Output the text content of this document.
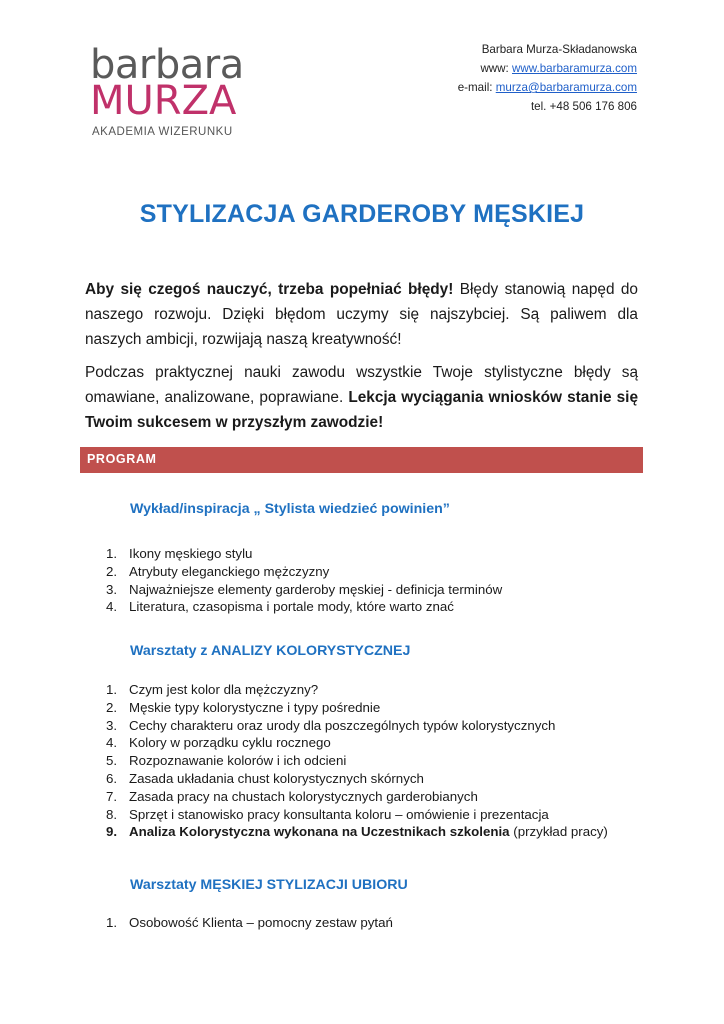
barbara
MURZA
AKADEMIA WIZERUNKU
Barbara Murza-Składanowska
www: www.barbaramurza.com
e-mail: murza@barbaramurza.com
tel. +48 506 176 806
STYLIZACJA GARDEROBY MĘSKIEJ
Aby się czegoś nauczyć, trzeba popełniać błędy! Błędy stanowią napęd do naszego rozwoju. Dzięki błędom uczymy się najszybciej. Są paliwem dla naszych ambicji, rozwijają naszą kreatywność!
Podczas praktycznej nauki zawodu wszystkie Twoje stylistyczne błędy są omawiane, analizowane, poprawiane. Lekcja wyciągania wniosków stanie się Twoim sukcesem w przyszłym zawodzie!
PROGRAM
Wykład/inspiracja „ Stylista wiedzieć powinien”
1. Ikony męskiego stylu
2. Atrybuty eleganckiego mężczyzny
3. Najważniejsze elementy garderoby męskiej - definicja terminów
4. Literatura, czasopisma i portale mody, które warto znać
Warsztaty z ANALIZY KOLORYSTYCZNEJ
1. Czym jest kolor dla mężczyzny?
2. Męskie typy kolorystyczne i typy pośrednie
3. Cechy charakteru oraz urody dla poszczególnych typów kolorystycznych
4. Kolory w porządku cyklu rocznego
5. Rozpoznawanie kolorów i ich odcieni
6. Zasada układania chust kolorystycznych skórnych
7. Zasada pracy na chustach kolorystycznych garderobianych
8. Sprzęt i stanowisko pracy konsultanta koloru – omówienie i prezentacja
9. Analiza Kolorystyczna wykonana na Uczestnikach szkolenia (przykład pracy)
Warsztaty MĘSKIEJ STYLIZACJI UBIORU
1. Osobowość Klienta – pomocny zestaw pytań
